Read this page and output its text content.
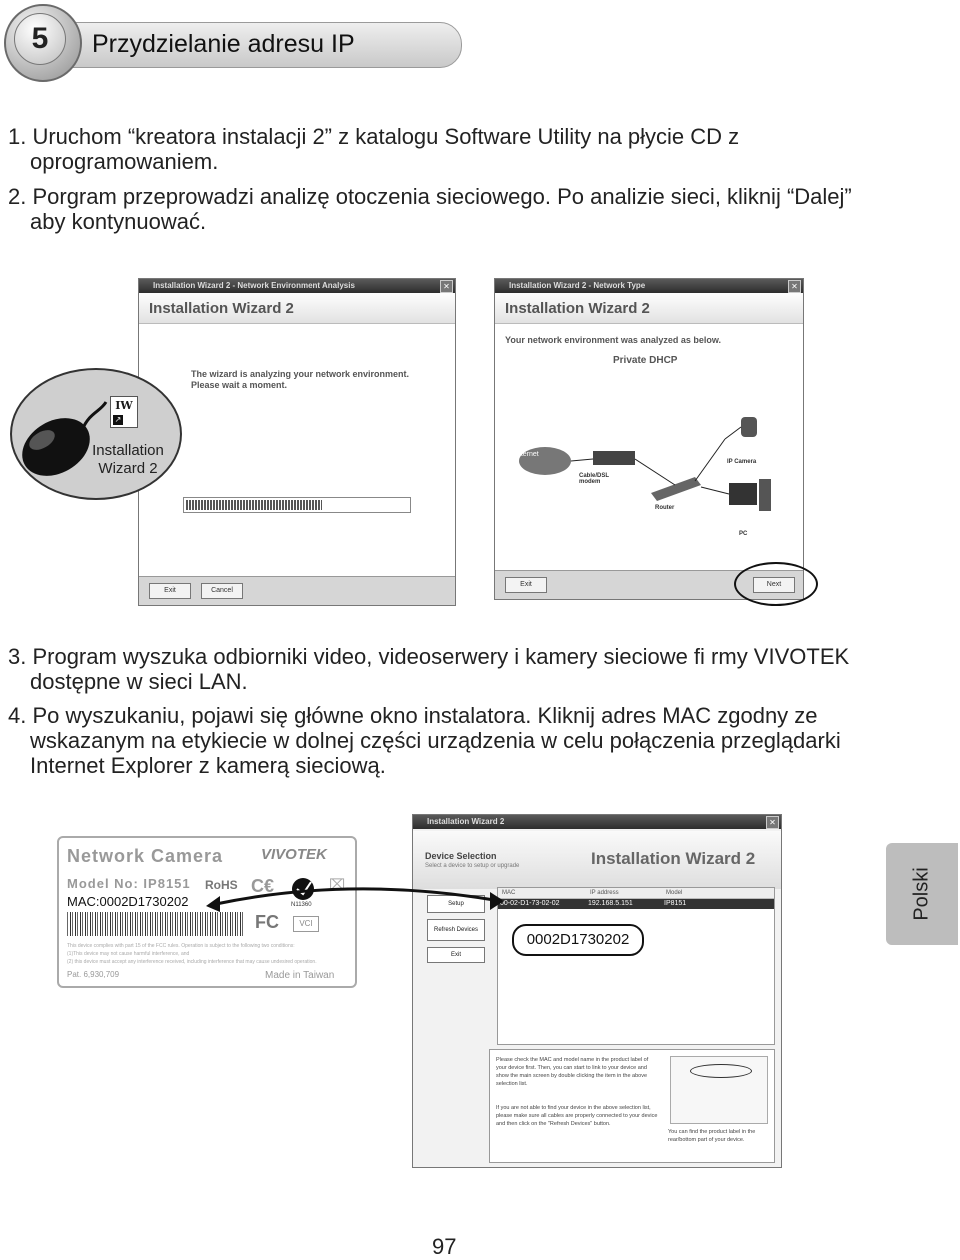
5	Przydzielanie adresu IP
1. Uruchom “kreatora instalacji 2” z katalogu Software Utility na płycie CD z
oprogramowaniem.
2. Porgram przeprowadzi analizę otoczenia sieciowego. Po analizie sieci, kliknij “Dalej”
aby kontynuować.
Installation Wizard 2 - Network Environment Analysis	✕
Installation Wizard 2
The wizard is analyzing your network environment.
Please wait a moment.
Exit	Cancel
IW
↗
Installation
Wizard 2
Installation Wizard 2 - Network Type	✕
Installation Wizard 2
Your network environment was analyzed as below.
Private DHCP
Internet
Cable/DSL modem
Router
IP Camera
PC
Exit	Next
3. Program wyszuka odbiorniki video, videoserwery i kamery sieciowe fi rmy VIVOTEK
dostępne w sieci LAN.
4. Po wyszukaniu, pojawi się główne okno instalatora. Kliknij adres MAC zgodny ze
wskazanym na etykiecie w dolnej części urządzenia w celu połączenia przeglądarki
Internet Explorer z kamerą sieciową.
Installation Wizard 2	✕
Device Selection
Select a device to setup or upgrade	Installation Wizard 2
Setup
Refresh Devices
Exit
MAC	IP address	Model
00-02-D1-73-02-02	192.168.5.151	IP8151
Please check the MAC and model name in the product label of your device first. Then, you can start to link to your device and show the main screen by double clicking the item in the above selection list.
If you are not able to find your device in the above selection list, please make sure all cables are properly connected to your device and then click on the "Refresh Devices" button.
You can find the product label in the rear/bottom part of your device.
0002D1730202
Network Camera	VIVOTEK
Model No: IP8151 RoHS C€
N11360
⌧
MAC:0002D1730202
FC	VCI
This device complies with part 15 of the FCC rules. Operation is subject to the following two conditions:
(1)This device may not cause harmful interference, and
(2) this device must accept any interference received, including interference that may cause undesired operation.
Pat. 6,930,709	Made in Taiwan
Polski
97
